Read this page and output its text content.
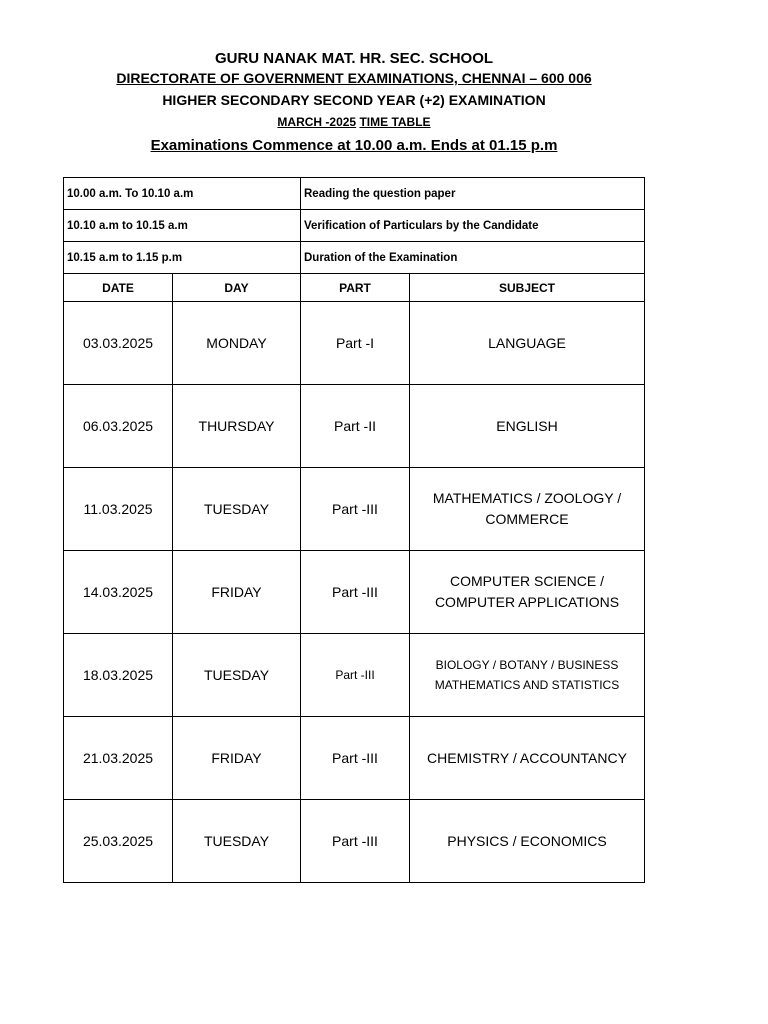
GURU NANAK MAT. HR. SEC. SCHOOL
DIRECTORATE OF GOVERNMENT EXAMINATIONS, CHENNAI – 600 006
HIGHER SECONDARY SECOND YEAR (+2) EXAMINATION
MARCH -2025 TIME TABLE
Examinations Commence at 10.00 a.m. Ends at 01.15 p.m
10.00 a.m. To 10.10 a.m		Reading the question paper	
10.10 a.m to 10.15 a.m		Verification of Particulars by the Candidate	
10.15 a.m to 1.15 p.m		Duration of the Examination	
DATE	DAY	PART	SUBJECT
03.03.2025	MONDAY	Part -I	LANGUAGE
06.03.2025	THURSDAY	Part -II	ENGLISH
11.03.2025	TUESDAY	Part -III	MATHEMATICS / ZOOLOGY / COMMERCE
14.03.2025	FRIDAY	Part -III	COMPUTER SCIENCE / COMPUTER APPLICATIONS
18.03.2025	TUESDAY	Part -III	BIOLOGY / BOTANY / BUSINESS MATHEMATICS AND STATISTICS
21.03.2025	FRIDAY	Part -III	CHEMISTRY / ACCOUNTANCY
25.03.2025	TUESDAY	Part -III	PHYSICS / ECONOMICS
